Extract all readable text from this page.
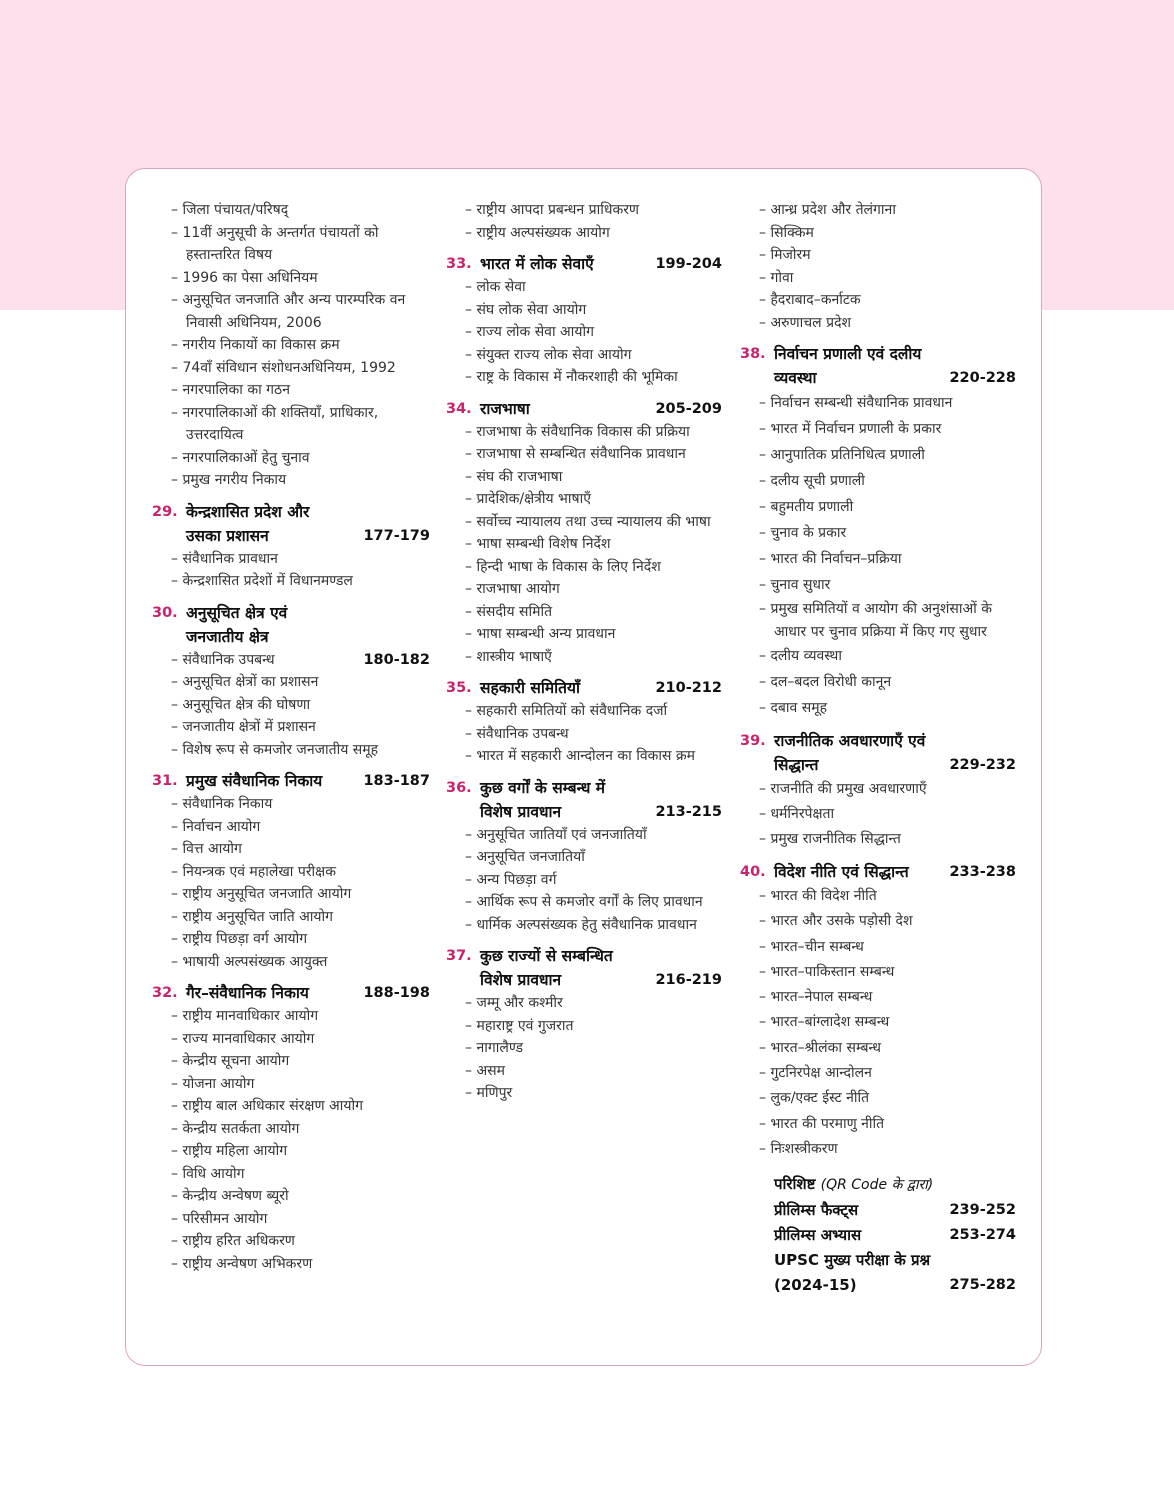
– जिला पंचायत/परिषद्
– 11वीं अनुसूची के अन्तर्गत पंचायतों को हस्तान्तरित विषय
– 1996 का पेसा अधिनियम
– अनुसूचित जनजाति और अन्य पारम्परिक वन निवासी अधिनियम, 2006
– नगरीय निकायों का विकास क्रम
– 74वाँ संविधान संशोधनअधिनियम, 1992
– नगरपालिका का गठन
– नगरपालिकाओं की शक्तियाँ, प्राधिकार, उत्तरदायित्व
– नगरपालिकाओं हेतु चुनाव
– प्रमुख नगरीय निकाय
29. केन्द्रशासित प्रदेश और उसका प्रशासन	177-179
– संवैधानिक प्रावधान
– केन्द्रशासित प्रदेशों में विधानमण्डल
30. अनुसूचित क्षेत्र एवं जनजातीय क्षेत्र
– संवैधानिक उपबन्ध	180-182
– अनुसूचित क्षेत्रों का प्रशासन
– अनुसूचित क्षेत्र की घोषणा
– जनजातीय क्षेत्रों में प्रशासन
– विशेष रूप से कमजोर जनजातीय समूह
31. प्रमुख संवैधानिक निकाय	183-187
– संवैधानिक निकाय
– निर्वाचन आयोग
– वित्त आयोग
– नियन्त्रक एवं महालेखा परीक्षक
– राष्ट्रीय अनुसूचित जनजाति आयोग
– राष्ट्रीय अनुसूचित जाति आयोग
– राष्ट्रीय पिछड़ा वर्ग आयोग
– भाषायी अल्पसंख्यक आयुक्त
32. गैर–संवैधानिक निकाय	188-198
– राष्ट्रीय मानवाधिकार आयोग
– राज्य मानवाधिकार आयोग
– केन्द्रीय सूचना आयोग
– योजना आयोग
– राष्ट्रीय बाल अधिकार संरक्षण आयोग
– केन्द्रीय सतर्कता आयोग
– राष्ट्रीय महिला आयोग
– विधि आयोग
– केन्द्रीय अन्वेषण ब्यूरो
– परिसीमन आयोग
– राष्ट्रीय हरित अधिकरण
– राष्ट्रीय अन्वेषण अभिकरण
– राष्ट्रीय आपदा प्रबन्धन प्राधिकरण
– राष्ट्रीय अल्पसंख्यक आयोग
33. भारत में लोक सेवाएँ	199-204
– लोक सेवा
– संघ लोक सेवा आयोग
– राज्य लोक सेवा आयोग
– संयुक्त राज्य लोक सेवा आयोग
– राष्ट्र के विकास में नौकरशाही की भूमिका
34. राजभाषा	205-209
– राजभाषा के संवैधानिक विकास की प्रक्रिया
– राजभाषा से सम्बन्धित संवैधानिक प्रावधान
– संघ की राजभाषा
– प्रादेशिक/क्षेत्रीय भाषाएँ
– सर्वोच्च न्यायालय तथा उच्च न्यायालय की भाषा
– भाषा सम्बन्धी विशेष निर्देश
– हिन्दी भाषा के विकास के लिए निर्देश
– राजभाषा आयोग
– संसदीय समिति
– भाषा सम्बन्धी अन्य प्रावधान
– शास्त्रीय भाषाएँ
35. सहकारी समितियाँ	210-212
– सहकारी समितियों को संवैधानिक दर्जा
– संवैधानिक उपबन्ध
– भारत में सहकारी आन्दोलन का विकास क्रम
36. कुछ वर्गों के सम्बन्ध में विशेष प्रावधान	213-215
– अनुसूचित जातियाँ एवं जनजातियाँ
– अनुसूचित जनजातियाँ
– अन्य पिछड़ा वर्ग
– आर्थिक रूप से कमजोर वर्गों के लिए प्रावधान
– धार्मिक अल्पसंख्यक हेतु संवैधानिक प्रावधान
37. कुछ राज्यों से सम्बन्धित विशेष प्रावधान	216-219
– जम्मू और कश्मीर
– महाराष्ट्र एवं गुजरात
– नागालैण्ड
– असम
– मणिपुर
– आन्ध्र प्रदेश और तेलंगाना
– सिक्किम
– मिजोरम
– गोवा
– हैदराबाद–कर्नाटक
– अरुणाचल प्रदेश
38. निर्वाचन प्रणाली एवं दलीय व्यवस्था	220-228
– निर्वाचन सम्बन्धी संवैधानिक प्रावधान
– भारत में निर्वाचन प्रणाली के प्रकार
– आनुपातिक प्रतिनिधित्व प्रणाली
– दलीय सूची प्रणाली
– बहुमतीय प्रणाली
– चुनाव के प्रकार
– भारत की निर्वाचन–प्रक्रिया
– चुनाव सुधार
– प्रमुख समितियों व आयोग की अनुशंसाओं के आधार पर चुनाव प्रक्रिया में किए गए सुधार
– दलीय व्यवस्था
– दल–बदल विरोधी कानून
– दबाव समूह
39. राजनीतिक अवधारणाएँ एवं सिद्धान्त	229-232
– राजनीति की प्रमुख अवधारणाएँ
– धर्मनिरपेक्षता
– प्रमुख राजनीतिक सिद्धान्त
40. विदेश नीति एवं सिद्धान्त	233-238
– भारत की विदेश नीति
– भारत और उसके पड़ोसी देश
– भारत–चीन सम्बन्ध
– भारत–पाकिस्तान सम्बन्ध
– भारत–नेपाल सम्बन्ध
– भारत–बांग्लादेश सम्बन्ध
– भारत–श्रीलंका सम्बन्ध
– गुटनिरपेक्ष आन्दोलन
– लुक/एक्ट ईस्ट नीति
– भारत की परमाणु नीति
– निःशस्त्रीकरण
परिशिष्ट (QR Code के द्वारा)
प्रीलिम्स फैक्ट्स	239-252
प्रीलिम्स अभ्यास	253-274
UPSC मुख्य परीक्षा के प्रश्न (2024-15)	275-282
